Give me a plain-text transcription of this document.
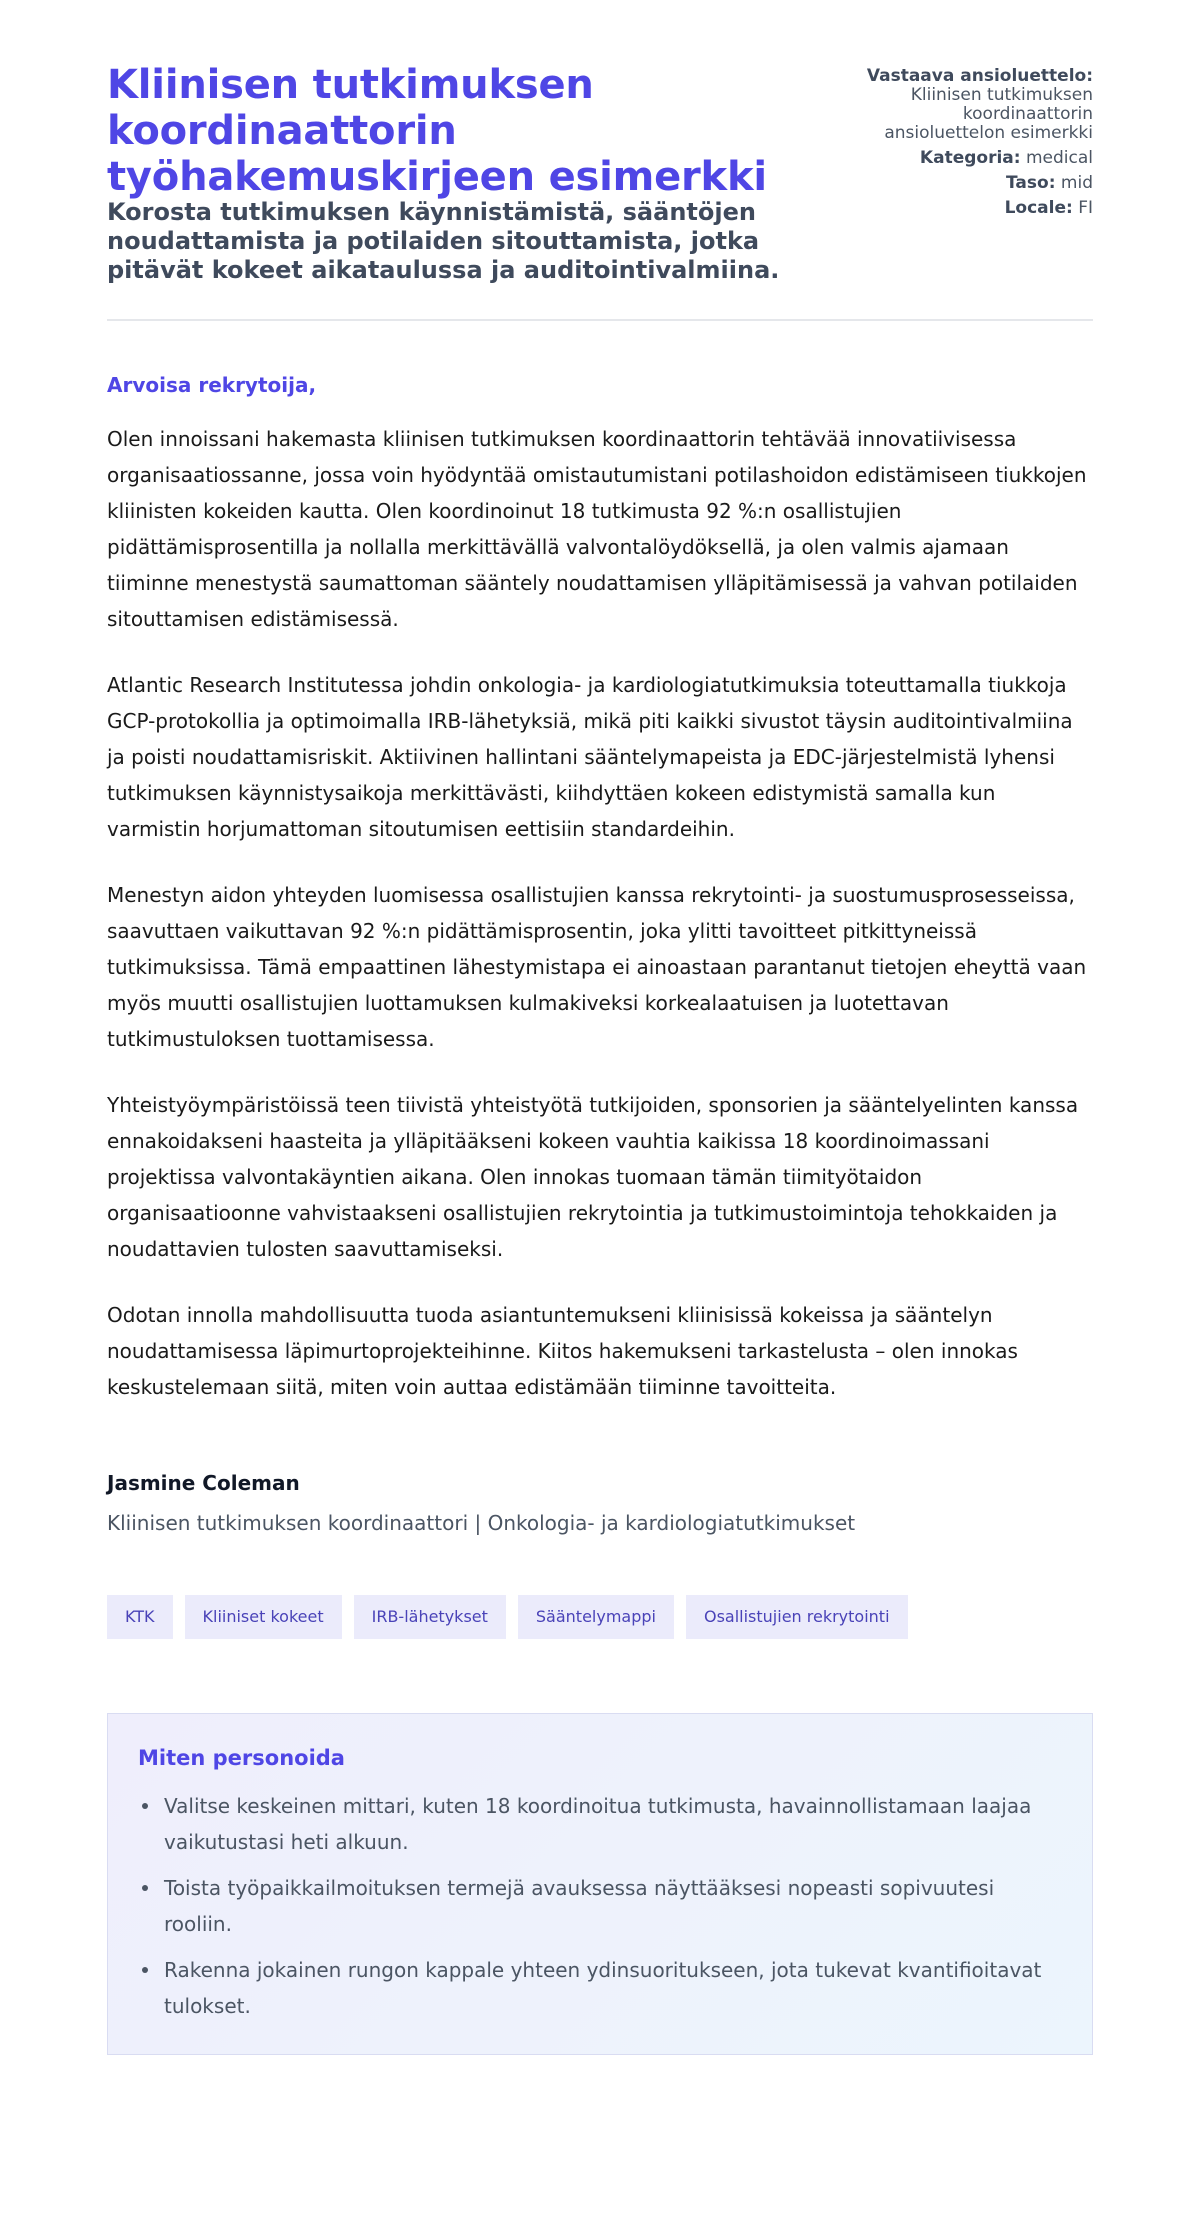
Kliinisen tutkimuksen koordinaattorin työhakemuskirjeen esimerkki
Korosta tutkimuksen käynnistämistä, sääntöjen noudattamista ja potilaiden sitouttamista, jotka pitävät kokeet aikataulussa ja auditointivalmiina.
Vastaava ansioluettelo:
Kliinisen tutkimuksen koordinaattorin ansioluettelon esimerkki
Kategoria: medical
Taso: mid
Locale: FI

Arvoisa rekrytoija,

Olen innoissani hakemasta kliinisen tutkimuksen koordinaattorin tehtävää innovatiivisessa organisaatiossanne, jossa voin hyödyntää omistautumistani potilashoidon edistämiseen tiukkojen kliinisten kokeiden kautta. Olen koordinoinut 18 tutkimusta 92 %:n osallistujien pidättämisprosentilla ja nollalla merkittävällä valvontalöydöksellä, ja olen valmis ajamaan tiiminne menestystä saumattoman sääntely noudattamisen ylläpitämisessä ja vahvan potilaiden sitouttamisen edistämisessä.

Atlantic Research Institutessa johdin onkologia- ja kardiologiatutkimuksia toteuttamalla tiukkoja GCP-protokollia ja optimoimalla IRB-lähetyksiä, mikä piti kaikki sivustot täysin auditointivalmiina ja poisti noudattamisriskit. Aktiivinen hallintani sääntelymapeista ja EDC-järjestelmistä lyhensi tutkimuksen käynnistysaikoja merkittävästi, kiihdyttäen kokeen edistymistä samalla kun varmistin horjumattoman sitoutumisen eettisiin standardeihin.

Menestyn aidon yhteyden luomisessa osallistujien kanssa rekrytointi- ja suostumusprosesseissa, saavuttaen vaikuttavan 92 %:n pidättämisprosentin, joka ylitti tavoitteet pitkittyneissä tutkimuksissa. Tämä empaattinen lähestymistapa ei ainoastaan parantanut tietojen eheyttä vaan myös muutti osallistujien luottamuksen kulmakiveksi korkealaatuisen ja luotettavan tutkimustuloksen tuottamisessa.

Yhteistyöympäristöissä teen tiivistä yhteistyötä tutkijoiden, sponsorien ja sääntelyelinten kanssa ennakoidakseni haasteita ja ylläpitääkseni kokeen vauhtia kaikissa 18 koordinoimassani projektissa valvontakäyntien aikana. Olen innokas tuomaan tämän tiimityötaidon organisaatioonne vahvistaakseni osallistujien rekrytointia ja tutkimustoimintoja tehokkaiden ja noudattavien tulosten saavuttamiseksi.

Odotan innolla mahdollisuutta tuoda asiantuntemukseni kliinisissä kokeissa ja sääntelyn noudattamisessa läpimurtoprojekteihinne. Kiitos hakemukseni tarkastelusta – olen innokas keskustelemaan siitä, miten voin auttaa edistämään tiiminne tavoitteita.

Jasmine Coleman
Kliinisen tutkimuksen koordinaattori | Onkologia- ja kardiologiatutkimukset
KTK	Kliiniset kokeet	IRB-lähetykset	Sääntelymappi	Osallistujien rekrytointi
Miten personoida
Valitse keskeinen mittari, kuten 18 koordinoitua tutkimusta, havainnollistamaan laajaa vaikutustasi heti alkuun.
Toista työpaikkailmoituksen termejä avauksessa näyttääksesi nopeasti sopivuutesi rooliin.
Rakenna jokainen rungon kappale yhteen ydinsuoritukseen, jota tukevat kvantifioitavat tulokset.
